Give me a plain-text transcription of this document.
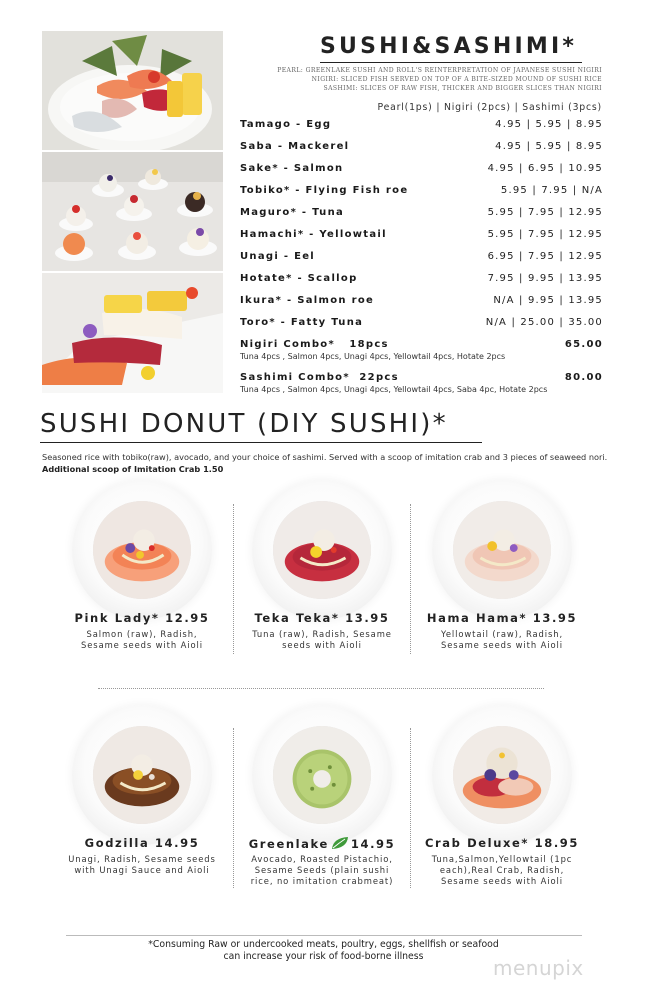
SUSHI&SASHIMI*
PEARL: GREENLAKE SUSHI AND ROLL'S REINTERPRETATION OF JAPANESE SUSHI NIGIRI
NIGIRI: SLICED FISH SERVED ON TOP OF A BITE-SIZED MOUND OF SUSHI RICE
SASHIMI: SLICES OF RAW FISH, THICKER AND BIGGER SLICES THAN NIGIRI
Pearl(1ps) | Nigiri (2pcs) | Sashimi (3pcs)
Tamago - Egg	4.95 | 5.95 | 8.95
Saba - Mackerel	4.95 | 5.95 | 8.95
Sake* - Salmon	4.95 | 6.95 | 10.95
Tobiko* - Flying Fish roe	5.95 | 7.95 | N/A
Maguro* - Tuna	5.95 | 7.95 | 12.95
Hamachi* - Yellowtail	5.95 | 7.95 | 12.95
Unagi - Eel	6.95 | 7.95 | 12.95
Hotate* - Scallop	7.95 | 9.95 | 13.95
Ikura* - Salmon roe	N/A | 9.95 | 13.95
Toro* - Fatty Tuna	N/A | 25.00 | 35.00
Nigiri Combo*   18pcs	65.00
Tuna 4pcs , Salmon 4pcs, Unagi 4pcs, Yellowtail 4pcs, Hotate 2pcs
Sashimi Combo*  22pcs	80.00
Tuna 4pcs , Salmon 4pcs, Unagi 4pcs, Yellowtail 4pcs, Saba 4pc, Hotate 2pcs
SUSHI DONUT (DIY SUSHI)*
Seasoned rice with tobiko(raw), avocado, and your choice of sashimi. Served with a scoop of imitation crab and 3 pieces of seaweed nori.
Additional scoop of Imitation Crab 1.50
Pink Lady* 12.95
Salmon (raw), Radish, Sesame seeds with Aioli
Teka Teka* 13.95
Tuna (raw), Radish, Sesame seeds with Aioli
Hama Hama* 13.95
Yellowtail (raw), Radish, Sesame seeds with Aioli
Godzilla 14.95
Unagi, Radish, Sesame seeds with Unagi Sauce and Aioli
Greenlake 14.95
Avocado, Roasted Pistachio, Sesame Seeds (plain sushi rice, no imitation crabmeat)
Crab Deluxe* 18.95
Tuna,Salmon,Yellowtail (1pc each),Real Crab, Radish, Sesame seeds with Aioli
*Consuming Raw or undercooked meats, poultry, eggs, shellfish or seafood
can increase your risk of food-borne illness	menupix
